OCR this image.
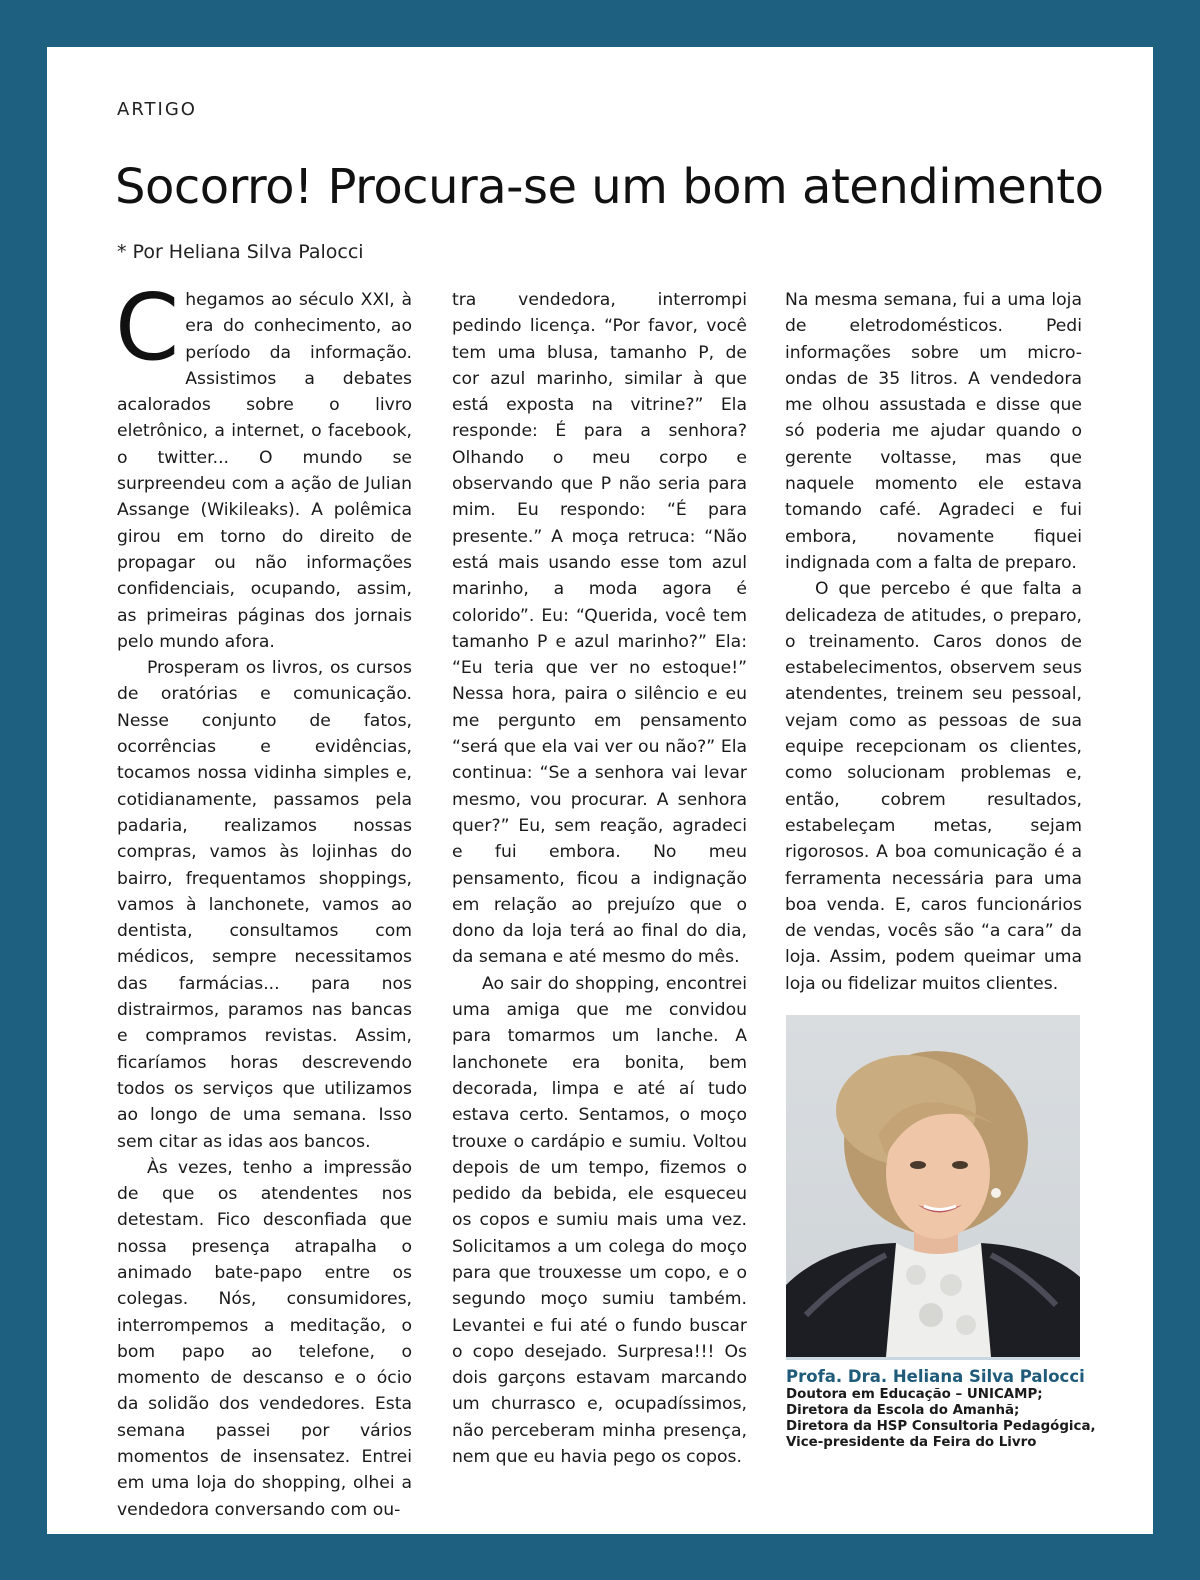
ARTIGO
Socorro! Procura-se um bom atendimento
* Por Heliana Silva Palocci

Chegamos ao século XXI, à era do conhecimento, ao período da informação. Assistimos a debates acalorados sobre o livro eletrônico, a internet, o facebook, o twitter... O mundo se surpreendeu com a ação de Julian Assange (Wikileaks). A polêmica girou em torno do direito de propagar ou não informações confidenciais, ocupando, assim, as primeiras páginas dos jornais pelo mundo afora.

Prosperam os livros, os cursos de oratórias e comunicação. Nesse conjunto de fatos, ocorrências e evidências, tocamos nossa vidinha simples e, cotidianamente, passamos pela padaria, realizamos nossas compras, vamos às lojinhas do bairro, frequentamos shoppings, vamos à lanchonete, vamos ao dentista, consultamos com médicos, sempre necessitamos das farmácias... para nos distrairmos, paramos nas bancas e compramos revistas. Assim, ficaríamos horas descrevendo todos os serviços que utilizamos ao longo de uma semana. Isso sem citar as idas aos bancos.

Às vezes, tenho a impressão de que os atendentes nos detestam. Fico desconfiada que nossa presença atrapalha o animado bate-papo entre os colegas. Nós, consumidores, interrompemos a meditação, o bom papo ao telefone, o momento de descanso e o ócio da solidão dos vendedores. Esta semana passei por vários momentos de insensatez. Entrei em uma loja do shopping, olhei a vendedora conversando com ou-

tra vendedora, interrompi pedindo licença. “Por favor, você tem uma blusa, tamanho P, de cor azul marinho, similar à que está exposta na vitrine?” Ela responde: É para a senhora? Olhando o meu corpo e observando que P não seria para mim. Eu respondo: “É para presente.” A moça retruca: “Não está mais usando esse tom azul marinho, a moda agora é colorido”. Eu: “Querida, você tem tamanho P e azul marinho?” Ela: “Eu teria que ver no estoque!” Nessa hora, paira o silêncio e eu me pergunto em pensamento “será que ela vai ver ou não?” Ela continua: “Se a senhora vai levar mesmo, vou procurar. A senhora quer?” Eu, sem reação, agradeci e fui embora. No meu pensamento, ficou a indignação em relação ao prejuízo que o dono da loja terá ao final do dia, da semana e até mesmo do mês.

Ao sair do shopping, encontrei uma amiga que me convidou para tomarmos um lanche. A lanchonete era bonita, bem decorada, limpa e até aí tudo estava certo. Sentamos, o moço trouxe o cardápio e sumiu. Voltou depois de um tempo, fizemos o pedido da bebida, ele esqueceu os copos e sumiu mais uma vez. Solicitamos a um colega do moço para que trouxesse um copo, e o segundo moço sumiu também. Levantei e fui até o fundo buscar o copo desejado. Surpresa!!! Os dois garçons estavam marcando um churrasco e, ocupadíssimos, não perceberam minha presença, nem que eu havia pego os copos.

Na mesma semana, fui a uma loja de eletrodomésticos. Pedi informações sobre um micro-ondas de 35 litros. A vendedora me olhou assustada e disse que só poderia me ajudar quando o gerente voltasse, mas que naquele momento ele estava tomando café. Agradeci e fui embora, novamente fiquei indignada com a falta de preparo.

O que percebo é que falta a delicadeza de atitudes, o preparo, o treinamento. Caros donos de estabelecimentos, observem seus atendentes, treinem seu pessoal, vejam como as pessoas de sua equipe recepcionam os clientes, como solucionam problemas e, então, cobrem resultados, estabeleçam metas, sejam rigorosos. A boa comunicação é a ferramenta necessária para uma boa venda. E, caros funcionários de vendas, vocês são “a cara” da loja. Assim, podem queimar uma loja ou fidelizar muitos clientes.

Profa. Dra. Heliana Silva Palocci
Doutora em Educação – UNICAMP;
Diretora da Escola do Amanhã;
Diretora da HSP Consultoria Pedagógica,
Vice-presidente da Feira do Livro
